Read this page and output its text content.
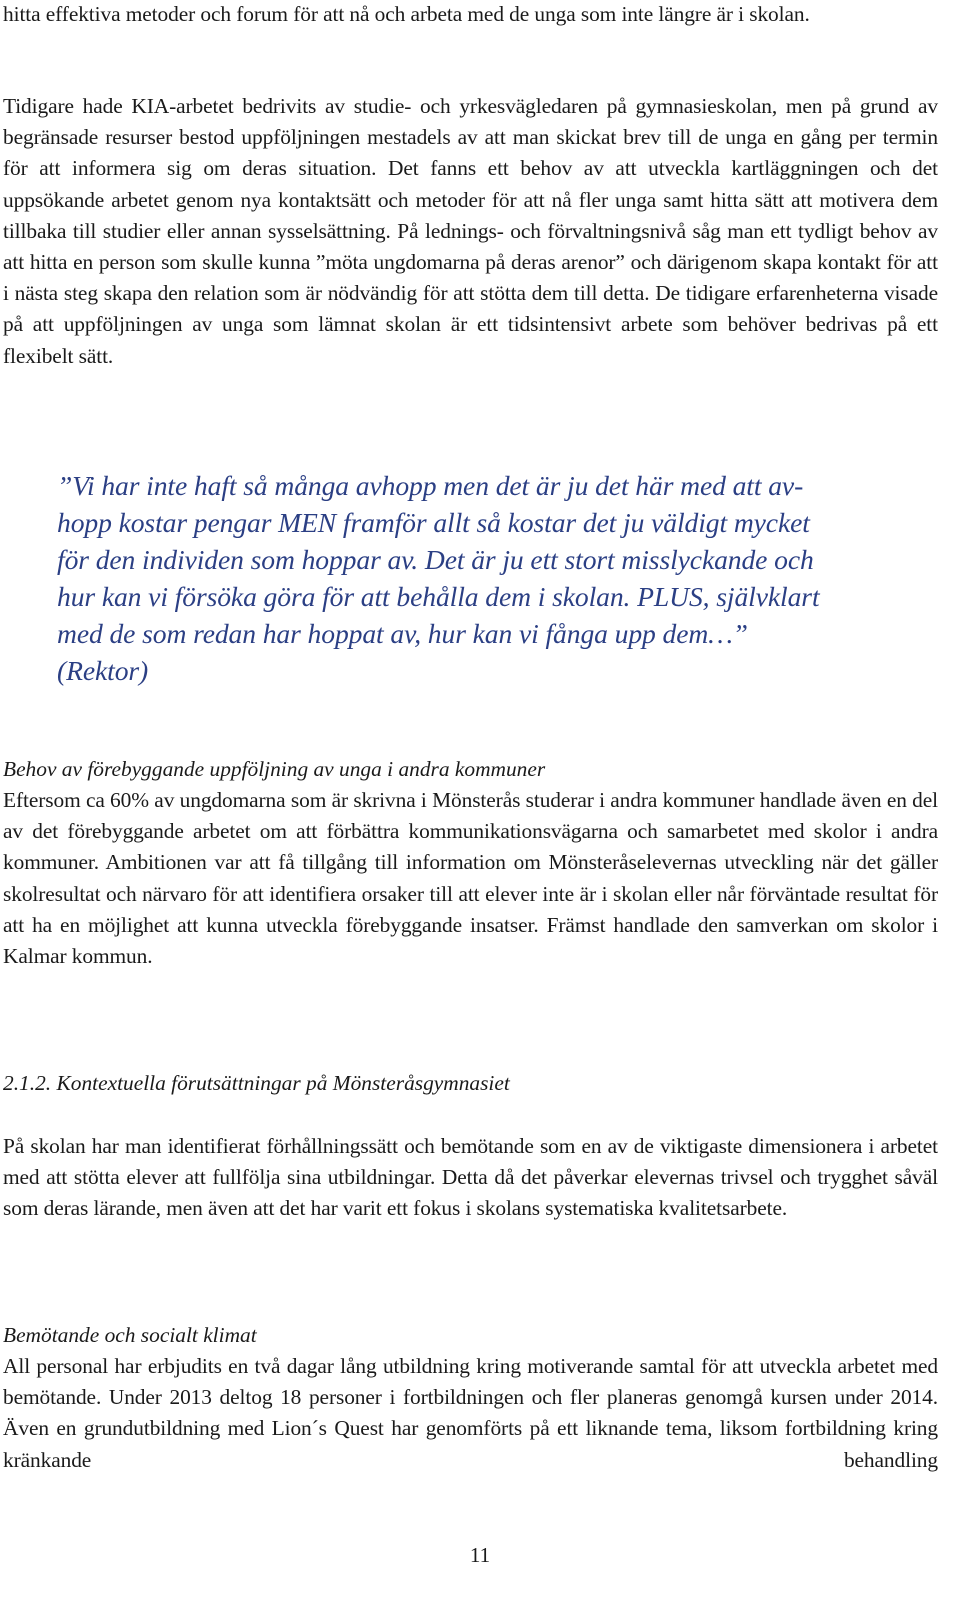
hitta effektiva metoder och forum för att nå och arbeta med de unga som inte längre är i skolan.

Tidigare hade KIA-arbetet bedrivits av studie- och yrkesvägledaren på gymnasieskolan, men på grund av begränsade resurser bestod uppföljningen mestadels av att man skickat brev till de unga en gång per termin för att informera sig om deras situation. Det fanns ett behov av att utveckla kartläggningen och det uppsökande arbetet genom nya kontaktsätt och metoder för att nå fler unga samt hitta sätt att motivera dem tillbaka till studier eller annan sysselsättning. På lednings- och förvaltningsnivå såg man ett tydligt behov av att hitta en person som skulle kunna ”möta ungdomarna på deras arenor” och därigenom skapa kontakt för att i nästa steg skapa den relation som är nödvändig för att stötta dem till detta. De tidigare erfarenheterna visade på att uppföljningen av unga som lämnat skolan är ett tidsintensivt arbete som behöver bedrivas på ett flexibelt sätt.

”Vi har inte haft så många avhopp men det är ju det här med att av-
hopp kostar pengar MEN framför allt så kostar det ju väldigt mycket
för den individen som hoppar av. Det är ju ett stort misslyckande och
hur kan vi försöka göra för att behålla dem i skolan. PLUS, självklart
med de som redan har hoppat av, hur kan vi fånga upp dem…”
(Rektor)

Behov av förebyggande uppföljning av unga i andra kommuner

Eftersom ca 60% av ungdomarna som är skrivna i Mönsterås studerar i andra kommuner handlade även en del av det förebyggande arbetet om att förbättra kommunikationsvägarna och samarbetet med skolor i andra kommuner. Ambitionen var att få tillgång till information om Mönsteråselevernas utveckling när det gäller skolresultat och närvaro för att identifiera orsaker till att elever inte är i skolan eller når förväntade resultat för att ha en möjlighet att kunna utveckla förebyggande insatser. Främst handlade den samverkan om skolor i Kalmar kommun.

2.1.2. Kontextuella förutsättningar på Mönsteråsgymnasiet

På skolan har man identifierat förhållningssätt och bemötande som en av de viktigaste dimensionera i arbetet med att stötta elever att fullfölja sina utbildningar. Detta då det påverkar elevernas trivsel och trygghet såväl som deras lärande, men även att det har varit ett fokus i skolans systematiska kvalitetsarbete.

Bemötande och socialt klimat

All personal har erbjudits en två dagar lång utbildning kring motiverande samtal för att utveckla arbetet med bemötande. Under 2013 deltog 18 personer i fortbildningen och fler planeras genomgå kursen under 2014. Även en grundutbildning med Lion´s Quest har genomförts på ett liknande tema, liksom fortbildning kring kränkande behandling

11
